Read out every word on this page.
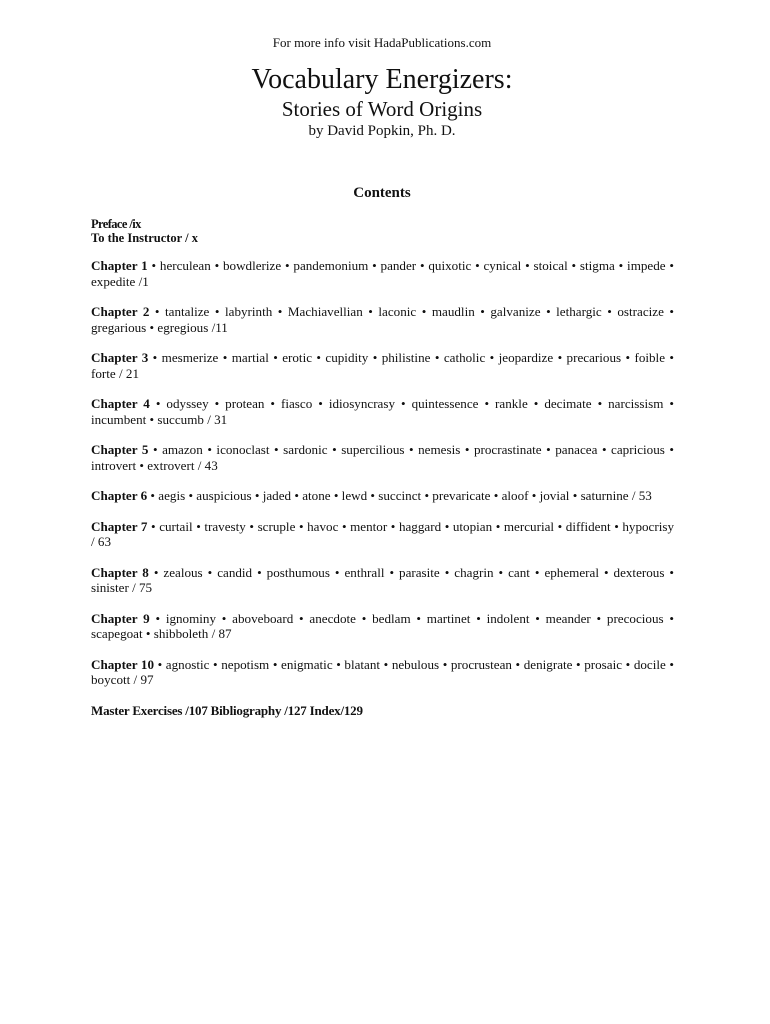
For more info visit HadaPublications.com
Vocabulary Energizers:
Stories of Word Origins
by David Popkin, Ph. D.
Contents
Preface /ix
To the Instructor / x

Chapter 1 • herculean • bowdlerize • pandemonium • pander • quixotic • cynical • stoical • stigma • impede • expedite /1

Chapter 2 • tantalize • labyrinth • Machiavellian • laconic • maudlin • galvanize • lethargic • ostracize • gregarious • egregious /11

Chapter 3 • mesmerize • martial • erotic • cupidity • philistine • catholic • jeopardize • precarious • foible • forte / 21

Chapter 4 • odyssey • protean • fiasco • idiosyncrasy • quintessence • rankle • decimate • narcissism • incumbent • succumb / 31

Chapter 5 • amazon • iconoclast • sardonic • supercilious • nemesis • procrastinate • panacea • capricious • introvert • extrovert / 43

Chapter 6 • aegis • auspicious • jaded • atone • lewd • succinct • prevaricate • aloof • jovial • saturnine / 53

Chapter 7 • curtail • travesty • scruple • havoc • mentor • haggard • utopian • mercurial • diffident • hypocrisy / 63

Chapter 8 • zealous • candid • posthumous • enthrall • parasite • chagrin • cant • ephemeral • dexterous • sinister / 75

Chapter 9 • ignominy • aboveboard • anecdote • bedlam • martinet • indolent • meander • precocious • scapegoat • shibboleth / 87

Chapter 10 • agnostic • nepotism • enigmatic • blatant • nebulous • procrustean • denigrate • prosaic • docile • boycott / 97

Master Exercises /107 Bibliography /127 Index/129
